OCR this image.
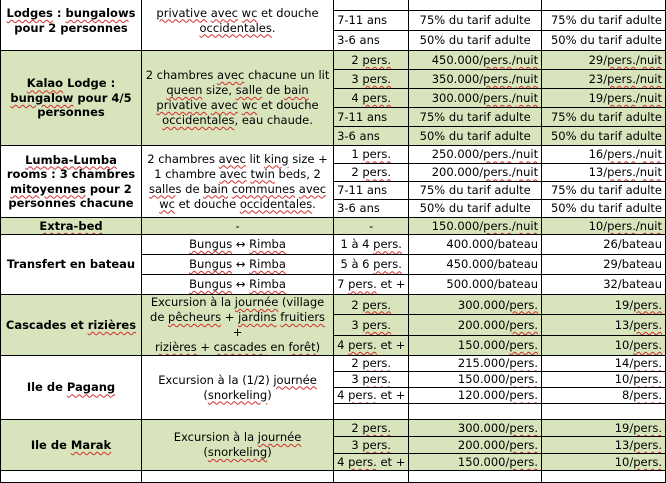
Lodges : bungalows
pour 2 personnes	privative avec wc et douche
occidentales.			
		7-11 ans	75% du tarif adulte	75% du tarif adulte
		3-6 ans	50% du tarif adulte	50% du tarif adulte
Kalao Lodge :
bungalow pour 4/5
personnes	2 chambres avec chacune un lit
queen size, salle de bain
privative avec wc et douche
occidentales, eau chaude.	2 pers.	450.000/pers./nuit	29/pers./nuit
		3 pers.	350.000/pers./nuit	23/pers./nuit
		4 pers.	300.000/pers./nuit	19/pers./nuit
		7-11 ans	75% du tarif adulte	75% du tarif adulte
		3-6 ans	50% du tarif adulte	50% du tarif adulte
Lumba-Lumba
rooms : 3 chambres
mitoyennes pour 2
personnes chacune	2 chambres avec lit king size +
1 chambre avec twin beds, 2
salles de bain communes avec
wc et douche occidentales.	1 pers.	250.000/pers./nuit	16/pers./nuit
		2 pers.	200.000/pers./nuit	13/pers./nuit
		7-11 ans	75% du tarif adulte	75% du tarif adulte
		3-6 ans	50% du tarif adulte	50% du tarif adulte
Extra-bed	-	-	150.000/pers./nuit	10/pers./nuit
Transfert en bateau	Bungus ↔ Rimba	1 à 4 pers.	400.000/bateau	26/bateau
	Bungus ↔ Rimba	5 à 6 pers.	450.000/bateau	29/bateau
	Bungus ↔ Rimba	7 pers. et +	500.000/bateau	32/bateau
Cascades et rizières	Excursion à la journée (village
de pêcheurs + jardins fruitiers +
rizières + cascades en forêt)	2 pers.	300.000/pers.	19/pers.
		3 pers.	200.000/pers.	13/pers.
		4 pers. et +	150.000/pers.	10/pers.
Ile de Pagang	Excursion à la (1/2) journée
(snorkeling)	2 pers.	215.000/pers.	14/pers.
		3 pers.	150.000/pers.	10/pers.
		4 pers. et +	120.000/pers.	8/pers.

Ile de Marak	Excursion à la journée
(snorkeling)	2 pers.	300.000/pers.	19/pers.
		3 pers.	200.000/pers.	13/pers.
		4 pers. et +	150.000/pers.	10/pers.
